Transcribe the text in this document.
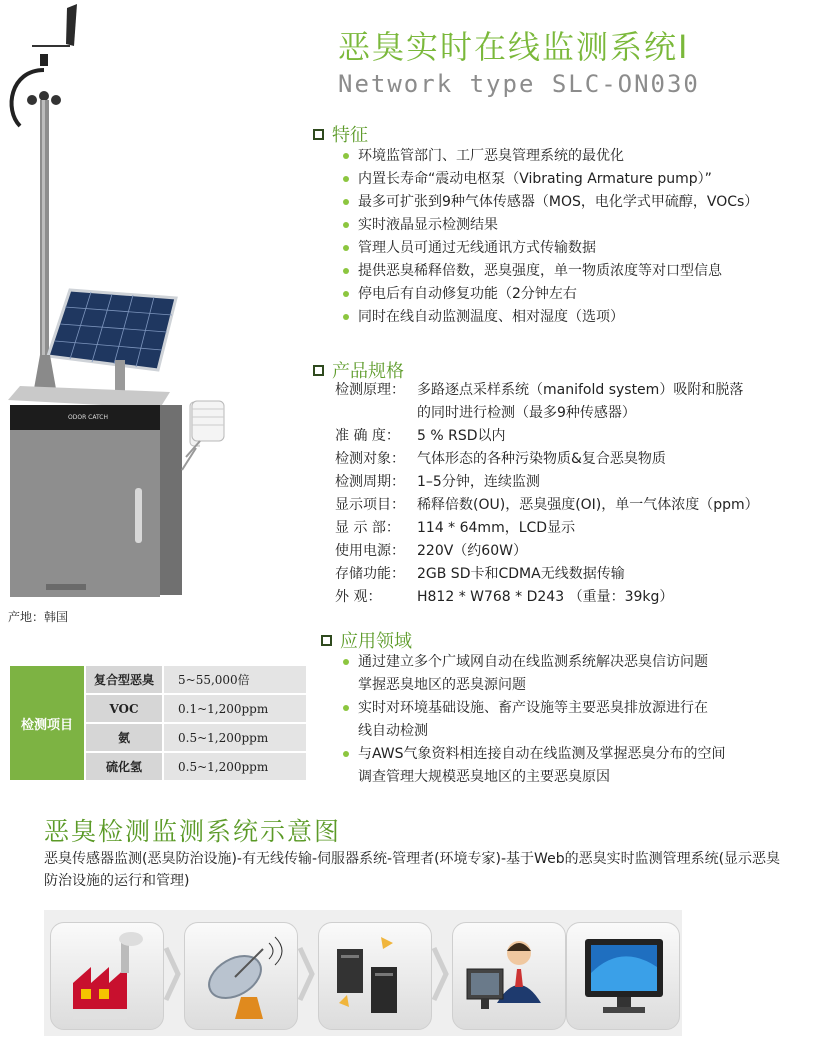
ODOR CATCH
产地：韩国
恶臭实时在线监测系统Ⅰ
Network type SLC-ON030
特征
环境监管部门、工厂恶臭管理系统的最优化
内置长寿命“震动电枢泵（Vibrating Armature pump）”
最多可扩张到9种气体传感器（MOS，电化学式甲硫醇，VOCs）
实时液晶显示检测结果
管理人员可通过无线通讯方式传输数据
提供恶臭稀释倍数，恶臭强度，单一物质浓度等对口型信息
停电后有自动修复功能（2分钟左右
同时在线自动监测温度、相对湿度（选项）
产品规格
检测原理： 多路逐点采样系统（manifold system）吸附和脱落
的同时进行检测（最多9种传感器）
准 确 度：	5 % RSD以内
检测对象： 气体形态的各种污染物质&复合恶臭物质
检测周期： 1–5分钟，连续监测
显示项目： 稀释倍数(OU)，恶臭强度(OI)，单一气体浓度（ppm）
显 示 部：	114 * 64mm，LCD显示
使用电源： 220V（约60W）
存储功能： 2GB SD卡和CDMA无线数据传输
外 观：	H812 * W768 * D243 （重量：39kg）
应用领域
通过建立多个广域网自动在线监测系统解决恶臭信访问题
掌握恶臭地区的恶臭源问题
实时对环境基础设施、畜产设施等主要恶臭排放源进行在
线自动检测
与AWS气象资料相连接自动在线监测及掌握恶臭分布的空间
调查管理大规模恶臭地区的主要恶臭原因
检测项目	复合型恶臭	5~55,000倍
	VOC	0.1~1,200ppm
	氨	0.5~1,200ppm
	硫化氢	0.5~1,200ppm
恶臭检测监测系统示意图
恶臭传感器监测(恶臭防治设施)-有无线传输-伺服器系统-管理者(环境专家)-基于Web的恶臭实时监测管理系统(显示恶臭防治设施的运行和管理)
